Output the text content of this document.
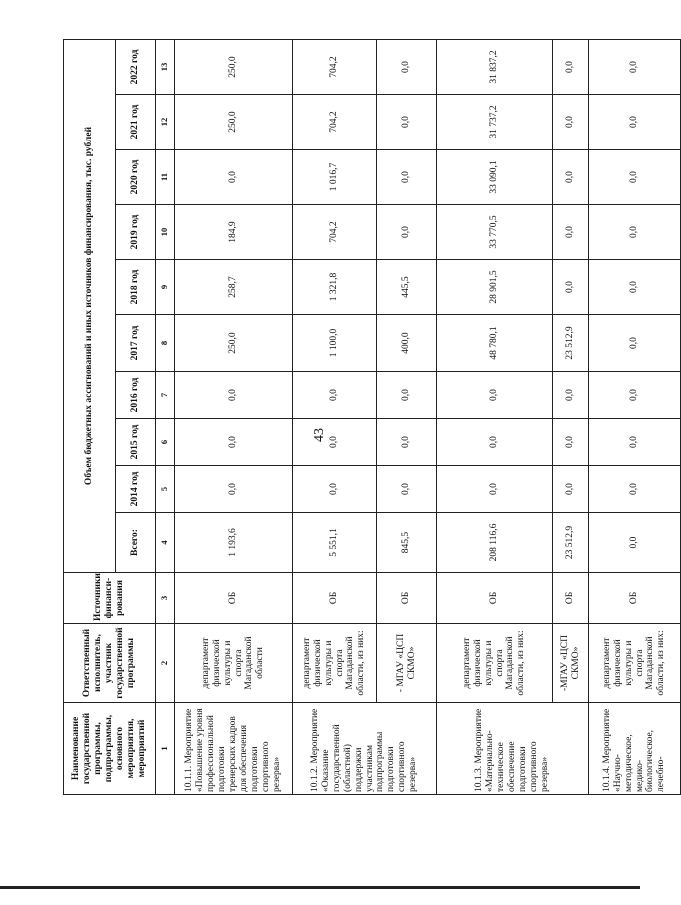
43
Наименование государственной программы, подпрограммы, основного мероприятия, мероприятий	Ответственный исполнитель, участник государственной программы	Источники финанси-рования	Объем бюджетных ассигнований и иных источников финансирования, тыс. рублей									
			Всего:	2014 год	2015 год	2016 год	2017 год	2018 год	2019 год	2020 год	2021 год	2022 год
1	2	3	4	5	6	7	8	9	10	11	12	13
10.1.1. Мероприятие «Повышение уровня профессиональной подготовки тренерских кадров для обеспечения подготовки спортивного резерва»	департамент физической культуры и спорта Магаданской области	ОБ	1 193,6	0,0	0,0	0,0	250,0	258,7	184,9	0,0	250,0	250,0
10.1.2. Мероприятие «Оказание государственной (областной) поддержки участникам подпрограммы подготовки спортивного резерва»	департамент физической культуры и спорта Магаданской области, из них:	ОБ	5 551,1	0,0	0,0	0,0	1 100,0	1 321,8	704,2	1 016,7	704,2	704,2
	- МГАУ «ЦСП СКМО»	ОБ	845,5	0,0	0,0	0,0	400,0	445,5	0,0	0,0	0,0	0,0
10.1.3. Мероприятие «Материально-техническое обеспечение подготовки спортивного резерва»	департамент физической культуры и спорта Магаданской области, из них:	ОБ	208 116,6	0,0	0,0	0,0	48 780,1	28 901,5	33 770,5	33 090,1	31 737,2	31 837,2
	-МГАУ «ЦСП СКМО»	ОБ	23 512,9	0,0	0,0	0,0	23 512,9	0,0	0,0	0,0	0,0	0,0
10.1.4. Мероприятие «Научно-методическое, медико-биологическое, лечебно-	департамент физической культуры и спорта Магаданской области, из них:	ОБ	0,0	0,0	0,0	0,0	0,0	0,0	0,0	0,0	0,0	0,0
